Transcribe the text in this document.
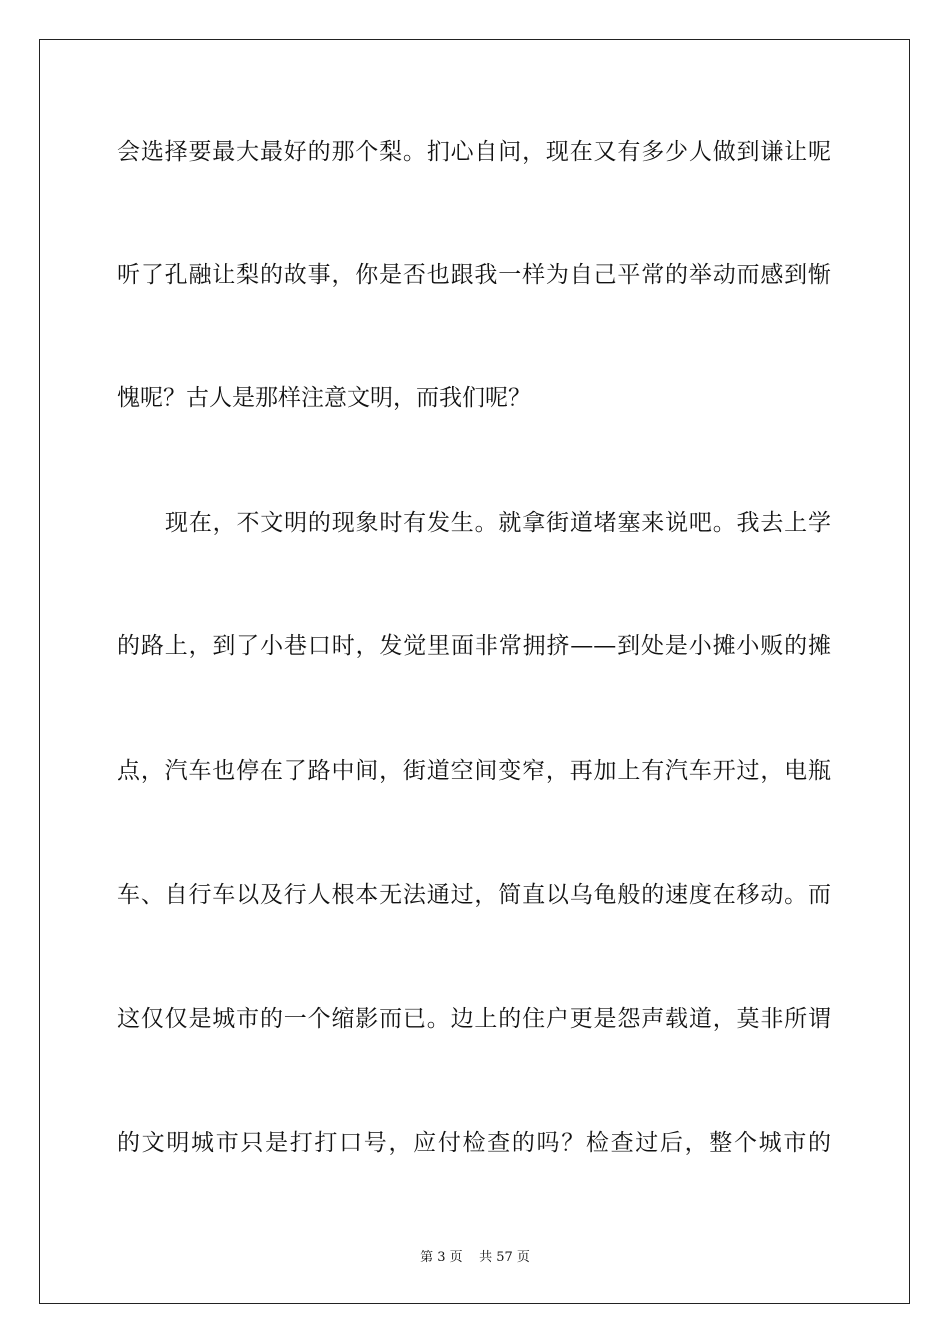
会选择要最大最好的那个梨。扪心自问，现在又有多少人做到谦让呢
听了孔融让梨的故事，你是否也跟我一样为自己平常的举动而感到惭
愧呢？古人是那样注意文明，而我们呢？
现在，不文明的现象时有发生。就拿街道堵塞来说吧。我去上学
的路上，到了小巷口时，发觉里面非常拥挤——到处是小摊小贩的摊
点，汽车也停在了路中间，街道空间变窄，再加上有汽车开过，电瓶
车、自行车以及行人根本无法通过，简直以乌龟般的速度在移动。而
这仅仅是城市的一个缩影而已。边上的住户更是怨声载道，莫非所谓
的文明城市只是打打口号，应付检查的吗？检查过后，整个城市的
第 3 页    共 57 页
